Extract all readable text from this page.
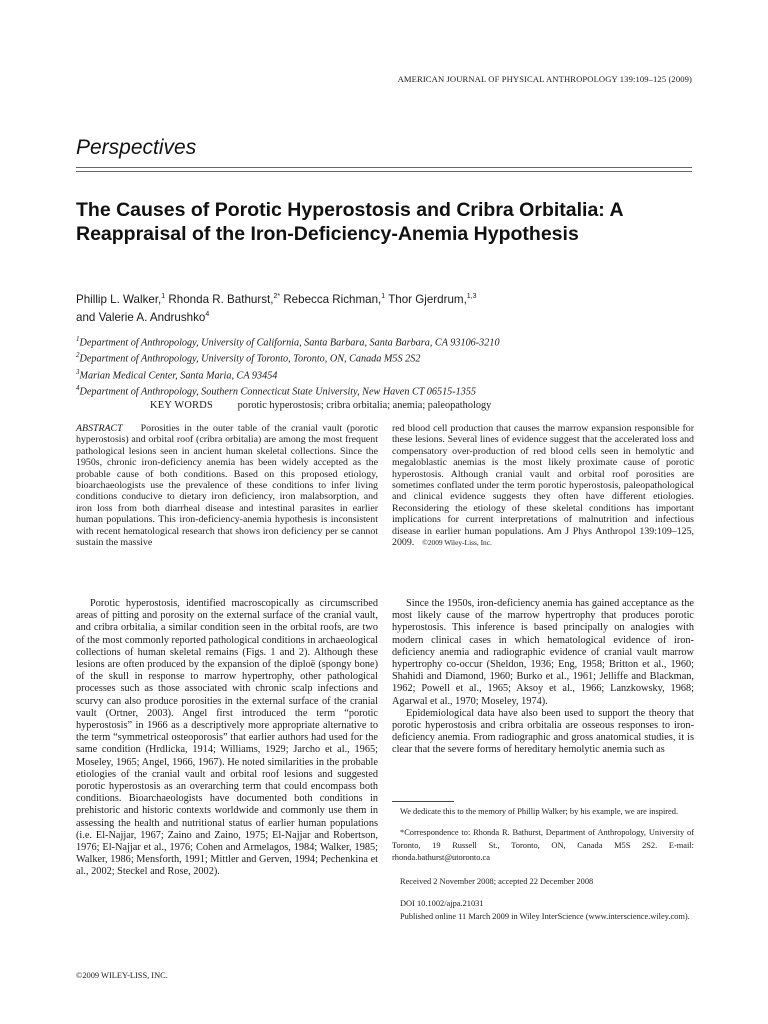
AMERICAN JOURNAL OF PHYSICAL ANTHROPOLOGY 139:109–125 (2009)
Perspectives
The Causes of Porotic Hyperostosis and Cribra Orbitalia: A Reappraisal of the Iron-Deficiency-Anemia Hypothesis
Phillip L. Walker,$^1$ Rhonda R. Bathurst,$^{2*}$ Rebecca Richman,$^1$ Thor Gjerdrum,$^{1,3}$
and Valerie A. Andrushko$^4$
$^1$Department of Anthropology, University of California, Santa Barbara, Santa Barbara, CA 93106-3210
$^2$Department of Anthropology, University of Toronto, Toronto, ON, Canada M5S 2S2
$^3$Marian Medical Center, Santa Maria, CA 93454
$^4$Department of Anthropology, Southern Connecticut State University, New Haven CT 06515-1355
KEY WORDS porotic hyperostosis; cribra orbitalia; anemia; paleopathology

ABSTRACT Porosities in the outer table of the cranial vault (porotic hyperostosis) and orbital roof (cribra orbitalia) are among the most frequent pathological lesions seen in ancient human skeletal collections. Since the 1950s, chronic iron-deficiency anemia has been widely accepted as the probable cause of both conditions. Based on this proposed etiology, bioarchaeologists use the prevalence of these conditions to infer living conditions conducive to dietary iron deficiency, iron malabsorption, and iron loss from both diarrheal disease and intestinal parasites in earlier human populations. This iron-deficiency-anemia hypothesis is inconsistent with recent hematological research that shows iron deficiency per se cannot sustain the massive

red blood cell production that causes the marrow expansion responsible for these lesions. Several lines of evidence suggest that the accelerated loss and compensatory over-production of red blood cells seen in hemolytic and megaloblastic anemias is the most likely proximate cause of porotic hyperostosis. Although cranial vault and orbital roof porosities are sometimes conflated under the term porotic hyperostosis, paleopathological and clinical evidence suggests they often have different etiologies. Reconsidering the etiology of these skeletal conditions has important implications for current interpretations of malnutrition and infectious disease in earlier human populations. Am J Phys Anthropol 139:109–125, 2009. ©2009 Wiley-Liss, Inc.

Porotic hyperostosis, identified macroscopically as circumscribed areas of pitting and porosity on the external surface of the cranial vault, and cribra orbitalia, a similar condition seen in the orbital roofs, are two of the most commonly reported pathological conditions in archaeological collections of human skeletal remains (Figs. 1 and 2). Although these lesions are often produced by the expansion of the diploë (spongy bone) of the skull in response to marrow hypertrophy, other pathological processes such as those associated with chronic scalp infections and scurvy can also produce porosities in the external surface of the cranial vault (Ortner, 2003). Angel first introduced the term “porotic hyperostosis” in 1966 as a descriptively more appropriate alternative to the term “symmetrical osteoporosis” that earlier authors had used for the same condition (Hrdlicka, 1914; Williams, 1929; Jarcho et al., 1965; Moseley, 1965; Angel, 1966, 1967). He noted similarities in the probable etiologies of the cranial vault and orbital roof lesions and suggested porotic hyperostosis as an overarching term that could encompass both conditions. Bioarchaeologists have documented both conditions in prehistoric and historic contexts worldwide and commonly use them in assessing the health and nutritional status of earlier human populations (i.e. El-Najjar, 1967; Zaino and Zaino, 1975; El-Najjar and Robertson, 1976; El-Najjar et al., 1976; Cohen and Armelagos, 1984; Walker, 1985; Walker, 1986; Mensforth, 1991; Mittler and Gerven, 1994; Pechenkina et al., 2002; Steckel and Rose, 2002).

Since the 1950s, iron-deficiency anemia has gained acceptance as the most likely cause of the marrow hypertrophy that produces porotic hyperostosis. This inference is based principally on analogies with modern clinical cases in which hematological evidence of iron-deficiency anemia and radiographic evidence of cranial vault marrow hypertrophy co-occur (Sheldon, 1936; Eng, 1958; Britton et al., 1960; Shahidi and Diamond, 1960; Burko et al., 1961; Jelliffe and Blackman, 1962; Powell et al., 1965; Aksoy et al., 1966; Lanzkowsky, 1968; Agarwal et al., 1970; Moseley, 1974).

Epidemiological data have also been used to support the theory that porotic hyperostosis and cribra orbitalia are osseous responses to iron-deficiency anemia. From radiographic and gross anatomical studies, it is clear that the severe forms of hereditary hemolytic anemia such as

We dedicate this to the memory of Phillip Walker; by his example, we are inspired.

*Correspondence to: Rhonda R. Bathurst, Department of Anthropology, University of Toronto, 19 Russell St., Toronto, ON, Canada M5S 2S2. E-mail: rhonda.bathurst@utoronto.ca

Received 2 November 2008; accepted 22 December 2008

DOI 10.1002/ajpa.21031

Published online 11 March 2009 in Wiley InterScience (www.interscience.wiley.com).

©2009 WILEY-LISS, INC.
